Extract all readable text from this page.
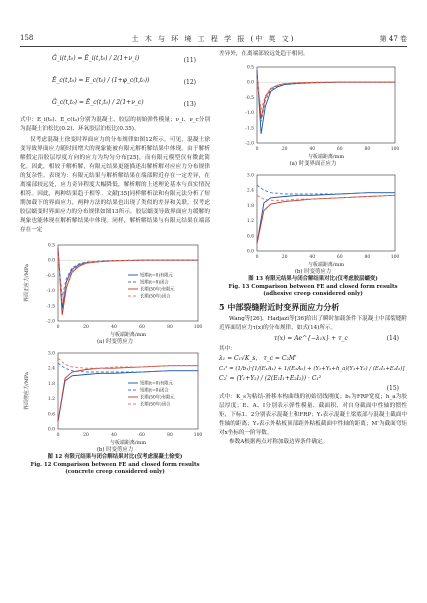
158	土 木 与 环 境 工 程 学 报 (中 英 文)	第 47 卷
Ĝ_i(t,t₀) = Ē_i(t,t₀) / 2(1+ν_i)	(11)
Ē_c(t,t₀) = E_c(t₀) / (1+φ_c(t,t₀))	(12)
Ĝ_c(t,t₀) = Ē_c(t,t₀) / 2(1+ν_c)	(13)
式中：E_i(t₀)、E_c(t₀)分别为混凝土、胶层的初始弹性模量；ν_i、ν_c分别为混凝土泊松比(0.2)、环氧胶层泊松比(0.35)。
仅考虑混凝土徐变时界面应力的分布规律如图12所示。可见，混凝土徐变导致界面应力随时间增大的现象能被有限元解析解结果中体现。由于解析解假定沿胶层厚度方向的应力为均匀分布[25]，而有限元模型仅有微此简化。因此，相较于解析解，有限元结果更能描述出解析解对应应力分布规律的复杂性。表现为：有限元结果与解析解结果在端部附近存在一定差异，在离端部较远处，应力奇异程度大幅降低，解析解的上述理论基本与真实情况相符。因此，两种结果趋于相等。文献[35]同样解析法和有限元法分析了短期加载下的界面应力，两种方法的结果也出现了类似的差异和关联。仅考虑胶层蠕变时界面应力的分布规律如图13所示。胶层蠕变导致界面应力缓解的现象也能体现在解析解结果中体现。同样，解析解结果与有限元结果在端部存在一定
0
-2.0
20
-1.5
40
-1.0
60
-0.5
80
0.0
100
0.5
与板端距离/mm
界面正应力/MPa	短期(t=0)有限元
短期(t=0)闭合
长期(50年)有限元
长期(50年)闭合
(a) 时变剪应力
0
0.0
20
0.6
40
1.2
60
1.8
80
2.4
100
3.0
与板端距离/mm
界面剪应力/MPa	短期(t=0)有限元
短期(t=0)闭合
长期(50年)有限元
长期(50年)闭合
(b) 时变剪应力
图 12 有限元结果与闭合解结果对比(仅考虑混凝土徐变)
Fig. 12 Comparison between FE and closed form results
(concrete creep considered only)
差异外，在离端部较远处趋于相同。
0
-2.0
20
-1.5
40
-1.0
60
-0.5
80
0.0
100
0.5
与板端距离/mm
(a) 时变界面正应力
0
0.0
20
0.6
40
1.2
60
1.8
80
2.4
100
3.0
与板端距离/mm
(b) 时变剪应力
图 13 有限元结果与闭合解结果对比(仅考虑胶层蠕变)
Fig. 13 Comparison between FE and closed form results
(adhesive creep considered only)
5 中部裂缝附近时变界面应力分析
Wang等[26]、Hadjazi等[36]给出了瞬时加载条件下混凝土中部裂缝附近界面切应力τ(x)的分布规律，如式(14)所示。
τ(x) = Ae^{−λ₁x} + τ_c	(14)
其中：
λ₁ = C₁√K_s， τ_c = C₂M'
C₁² = (1/b₁)·[1/(E₁A₁) + 1/(E₂A₂) + (Y₁+Y₂+h_a)(Y₁+Y₂) / (E₁I₁+E₂I₂)]
C₂' = (Y₁+Y₂) / (2(E₁I₁+E₂I₂)) · C₁²
(15)
式中：K_s为粘结-滑移本构曲线的初始切线刚度；b₁为FRP宽度；h_a为胶层厚度；E、A、I分别表示弹性模量、截面积、对自身截面中性轴的惯性矩，下标1、2分别表示混凝土和FRP；Y₁表示混凝土梁底部与混凝土截面中性轴的距离；Y₂表示外粘板顶部距外粘板截面中性轴的距离；M'为截面弯矩对x坐标的一阶导数。
参数A根据两点对称加载边界条件确定。
